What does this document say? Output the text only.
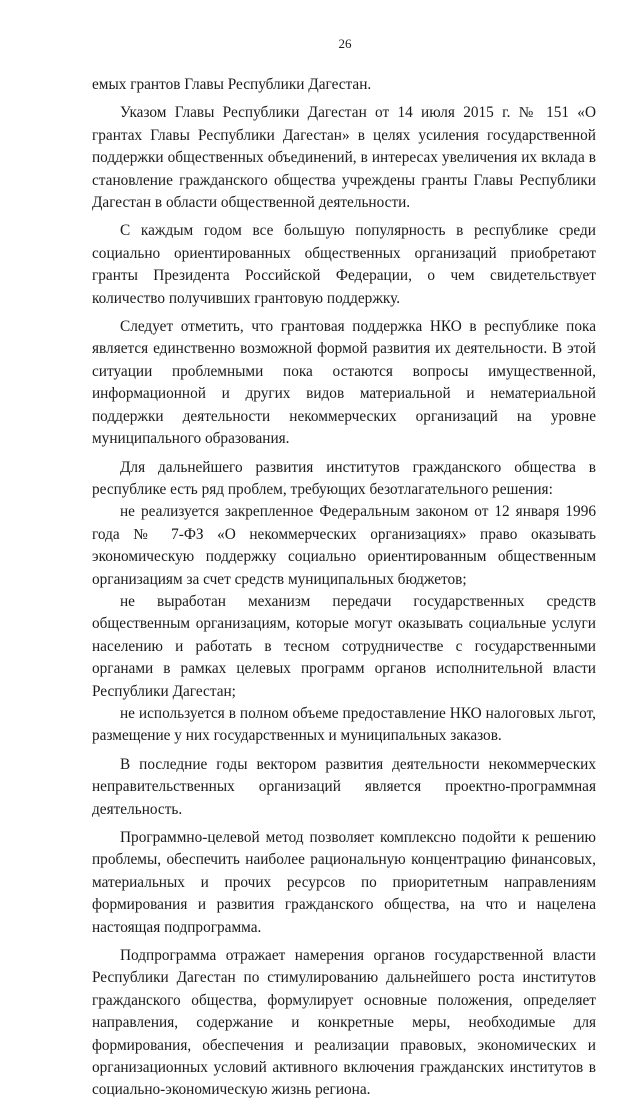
26

емых грантов Главы Республики Дагестан.

Указом Главы Республики Дагестан от 14 июля 2015 г. № 151 «О грантах Главы Республики Дагестан» в целях усиления государственной поддержки общественных объединений, в интересах увеличения их вклада в становление гражданского общества учреждены гранты Главы Республики Дагестан в области общественной деятельности.

С каждым годом все большую популярность в республике среди социально ориентированных общественных организаций приобретают гранты Президента Российской Федерации, о чем свидетельствует количество получивших грантовую поддержку.

Следует отметить, что грантовая поддержка НКО в республике пока является единственно возможной формой развития их деятельности. В этой ситуации проблемными пока остаются вопросы имущественной, информационной и других видов материальной и нематериальной поддержки деятельности некоммерческих организаций на уровне муниципального образования.

Для дальнейшего развития институтов гражданского общества в республике есть ряд проблем, требующих безотлагательного решения:

не реализуется закрепленное Федеральным законом от 12 января 1996 года № 7-ФЗ «О некоммерческих организациях» право оказывать экономическую поддержку социально ориентированным общественным организациям за счет средств муниципальных бюджетов;

не выработан механизм передачи государственных средств общественным организациям, которые могут оказывать социальные услуги населению и работать в тесном сотрудничестве с государственными органами в рамках целевых программ органов исполнительной власти Республики Дагестан;

не используется в полном объеме предоставление НКО налоговых льгот, размещение у них государственных и муниципальных заказов.

В последние годы вектором развития деятельности некоммерческих неправительственных организаций является проектно-программная деятельность.

Программно-целевой метод позволяет комплексно подойти к решению проблемы, обеспечить наиболее рациональную концентрацию финансовых, материальных и прочих ресурсов по приоритетным направлениям формирования и развития гражданского общества, на что и нацелена настоящая подпрограмма.

Подпрограмма отражает намерения органов государственной власти Республики Дагестан по стимулированию дальнейшего роста институтов гражданского общества, формулирует основные положения, определяет направления, содержание и конкретные меры, необходимые для формирования, обеспечения и реализации правовых, экономических и организационных условий активного включения гражданских институтов в социально-экономическую жизнь региона.
